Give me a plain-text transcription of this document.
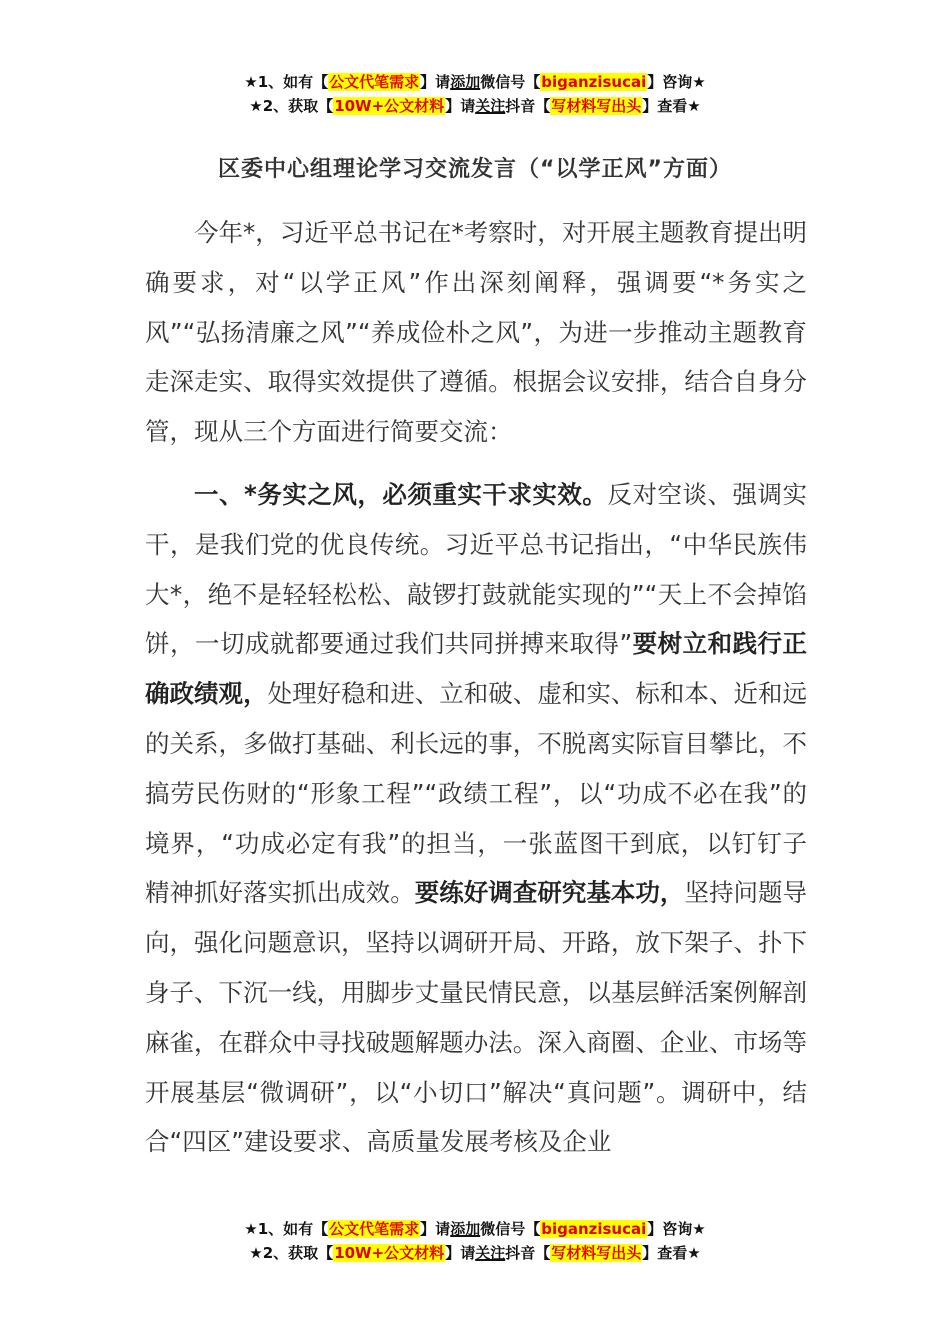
★1、如有【公文代笔需求】请添加微信号【biganzisucai】咨询★
★2、获取【10W+公文材料】请关注抖音【写材料写出头】查看★
区委中心组理论学习交流发言（“以学正风”方面）

今年*，习近平总书记在*考察时，对开展主题教育提出明确要求，对“以学正风”作出深刻阐释，强调要“*务实之风”“弘扬清廉之风”“养成俭朴之风”，为进一步推动主题教育走深走实、取得实效提供了遵循。根据会议安排，结合自身分管，现从三个方面进行简要交流：

一、*务实之风，必须重实干求实效。反对空谈、强调实干，是我们党的优良传统。习近平总书记指出，“中华民族伟大*，绝不是轻轻松松、敲锣打鼓就能实现的”“天上不会掉馅饼，一切成就都要通过我们共同拼搏来取得”要树立和践行正确政绩观，处理好稳和进、立和破、虚和实、标和本、近和远的关系，多做打基础、利长远的事，不脱离实际盲目攀比，不搞劳民伤财的“形象工程”“政绩工程”，以“功成不必在我”的境界，“功成必定有我”的担当，一张蓝图干到底，以钉钉子精神抓好落实抓出成效。要练好调查研究基本功，坚持问题导向，强化问题意识，坚持以调研开局、开路，放下架子、扑下身子、下沉一线，用脚步丈量民情民意，以基层鲜活案例解剖麻雀，在群众中寻找破题解题办法。深入商圈、企业、市场等开展基层“微调研”，以“小切口”解决“真问题”。调研中，结合“四区”建设要求、高质量发展考核及企业

★1、如有【公文代笔需求】请添加微信号【biganzisucai】咨询★
★2、获取【10W+公文材料】请关注抖音【写材料写出头】查看★
